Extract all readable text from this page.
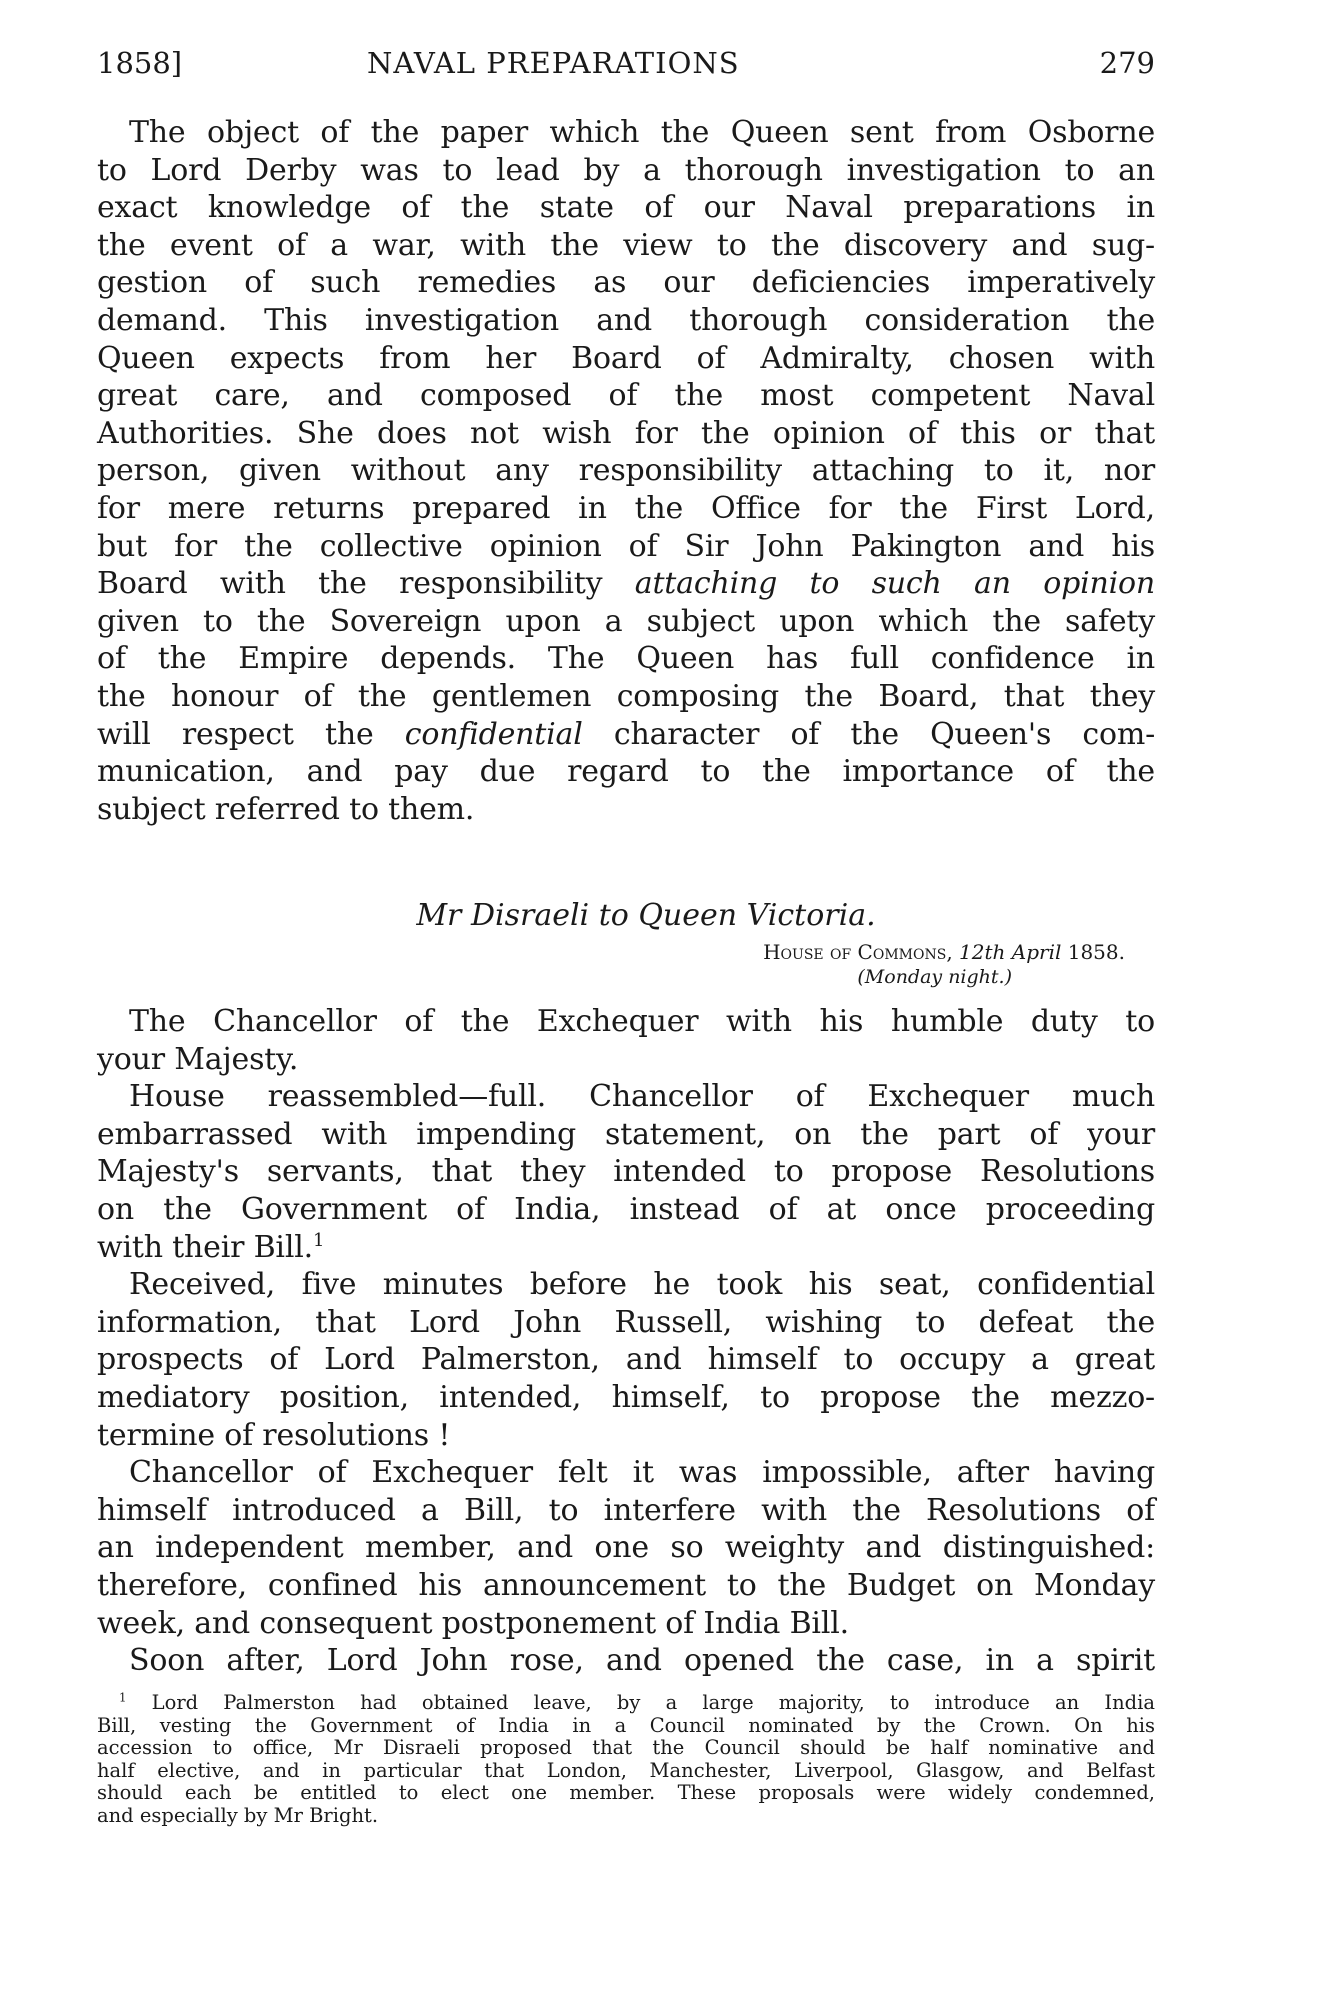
1858]	NAVAL PREPARATIONS	279
The object of the paper which the Queen sent from Osborne
to Lord Derby was to lead by a thorough investigation to an
exact knowledge of the state of our Naval preparations in
the event of a war, with the view to the discovery and sug-
gestion of such remedies as our deficiencies imperatively
demand. This investigation and thorough consideration the
Queen expects from her Board of Admiralty, chosen with
great care, and composed of the most competent Naval
Authorities. She does not wish for the opinion of this or that
person, given without any responsibility attaching to it, nor
for mere returns prepared in the Office for the First Lord,
but for the collective opinion of Sir John Pakington and his
Board with the responsibility attaching to such an opinion
given to the Sovereign upon a subject upon which the safety
of the Empire depends. The Queen has full confidence in
the honour of the gentlemen composing the Board, that they
will respect the confidential character of the Queen's com-
munication, and pay due regard to the importance of the
subject referred to them.
Mr Disraeli to Queen Victoria.
House of Commons, 12th April 1858.
(Monday night.)
The Chancellor of the Exchequer with his humble duty to
your Majesty.
House reassembled—full. Chancellor of Exchequer much
embarrassed with impending statement, on the part of your
Majesty's servants, that they intended to propose Resolutions
on the Government of India, instead of at once proceeding
with their Bill.$^1$
Received, five minutes before he took his seat, confidential
information, that Lord John Russell, wishing to defeat the
prospects of Lord Palmerston, and himself to occupy a great
mediatory position, intended, himself, to propose the mezzo-
termine of resolutions !
Chancellor of Exchequer felt it was impossible, after having
himself introduced a Bill, to interfere with the Resolutions of
an independent member, and one so weighty and distinguished:
therefore, confined his announcement to the Budget on Monday
week, and consequent postponement of India Bill.
Soon after, Lord John rose, and opened the case, in a spirit
$^1$ Lord Palmerston had obtained leave, by a large majority, to introduce an India
Bill, vesting the Government of India in a Council nominated by the Crown. On his
accession to office, Mr Disraeli proposed that the Council should be half nominative and
half elective, and in particular that London, Manchester, Liverpool, Glasgow, and Belfast
should each be entitled to elect one member. These proposals were widely condemned,
and especially by Mr Bright.
